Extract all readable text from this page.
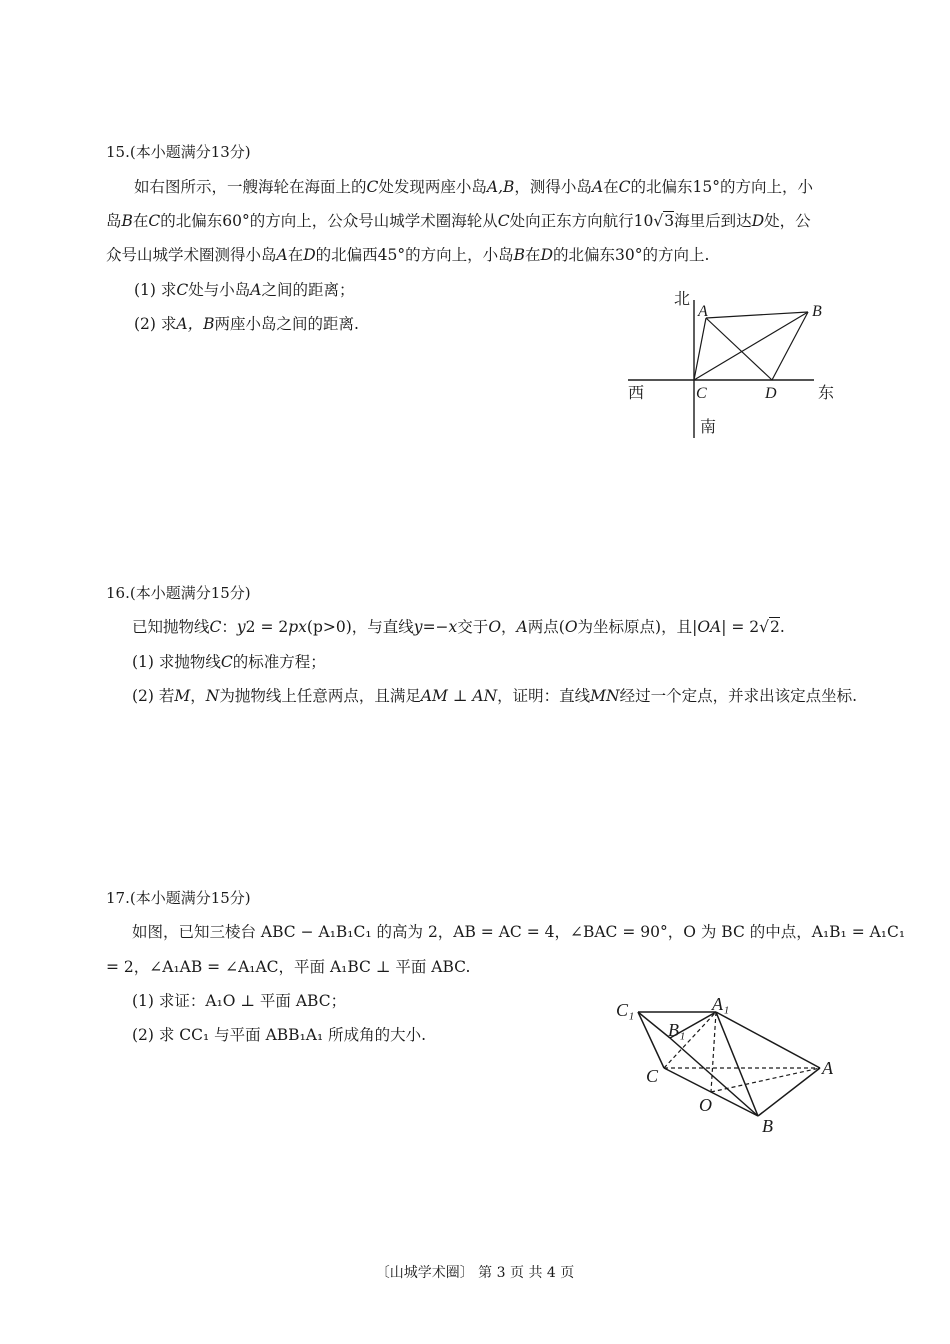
15.(本小题满分13分)
如右图所示，一艘海轮在海面上的C处发现两座小岛A,B，测得小岛A在C的北偏东15°的方向上，小
岛B在C的北偏东60°的方向上，公众号山城学术圈海轮从C处向正东方向航行10√3海里后到达D处，公
众号山城学术圈测得小岛A在D的北偏西45°的方向上，小岛B在D的北偏东30°的方向上.
(1) 求C处与小岛A之间的距离；
(2) 求A，B两座小岛之间的距离.
北
南
西	东
A	B
C	D
16.(本小题满分15分)
已知抛物线C：y2 = 2px(p>0)，与直线y=−x交于O，A两点(O为坐标原点)，且|OA| = 2√2.
(1) 求抛物线C的标准方程；
(2) 若M，N为抛物线上任意两点，且满足AM ⊥ AN，证明：直线MN经过一个定点，并求出该定点坐标.
17.(本小题满分15分)
如图，已知三棱台 ABC − A₁B₁C₁ 的高为 2，AB = AC = 4，∠BAC = 90°，O 为 BC 的中点，A₁B₁ = A₁C₁
= 2，∠A₁AB = ∠A₁AC，平面 A₁BC ⊥ 平面 ABC.
(1) 求证：A₁O ⊥ 平面 ABC；
(2) 求 CC₁ 与平面 ABB₁A₁ 所成角的大小.
C₁	A₁
B₁
C	A
O
B
〔山城学术圈〕 第 3 页 共 4 页
